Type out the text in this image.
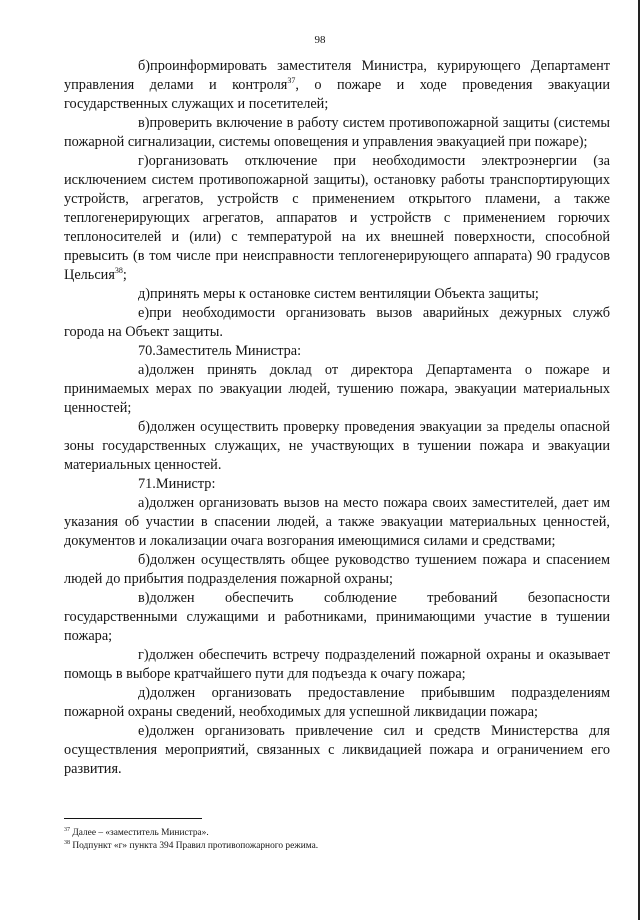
98

б)проинформировать заместителя Министра, курирующего Департамент управления делами и контроля$^{37}$, о пожаре и ходе проведения эвакуации государственных служащих и посетителей;

в)проверить включение в работу систем противопожарной защиты (системы пожарной сигнализации, системы оповещения и управления эвакуацией при пожаре);

г)организовать отключение при необходимости электроэнергии (за исключением систем противопожарной защиты), остановку работы транспортирующих устройств, агрегатов, устройств с применением открытого пламени, а также теплогенерирующих агрегатов, аппаратов и устройств с применением горючих теплоносителей и (или) с температурой на их внешней поверхности, способной превысить (в том числе при неисправности теплогенерирующего аппарата) 90 градусов Цельсия$^{38}$;

д)принять меры к остановке систем вентиляции Объекта защиты;

е)при необходимости организовать вызов аварийных дежурных служб города на Объект защиты.

70.Заместитель Министра:

а)должен принять доклад от директора Департамента о пожаре и принимаемых мерах по эвакуации людей, тушению пожара, эвакуации материальных ценностей;

б)должен осуществить проверку проведения эвакуации за пределы опасной зоны государственных служащих, не участвующих в тушении пожара и эвакуации материальных ценностей.

71.Министр:

а)должен организовать вызов на место пожара своих заместителей, дает им указания об участии в спасении людей, а также эвакуации материальных ценностей, документов и локализации очага возгорания имеющимися силами и средствами;

б)должен осуществлять общее руководство тушением пожара и спасением людей до прибытия подразделения пожарной охраны;

в)должен обеспечить соблюдение требований безопасности государственными служащими и работниками, принимающими участие в тушении пожара;

г)должен обеспечить встречу подразделений пожарной охраны и оказывает помощь в выборе кратчайшего пути для подъезда к очагу пожара;

д)должен организовать предоставление прибывшим подразделениям пожарной охраны сведений, необходимых для успешной ликвидации пожара;

е)должен организовать привлечение сил и средств Министерства для осуществления мероприятий, связанных с ликвидацией пожара и ограничением его развития.

$^{37}$ Далее – «заместитель Министра».

$^{38}$ Подпункт «г» пункта 394 Правил противопожарного режима.
